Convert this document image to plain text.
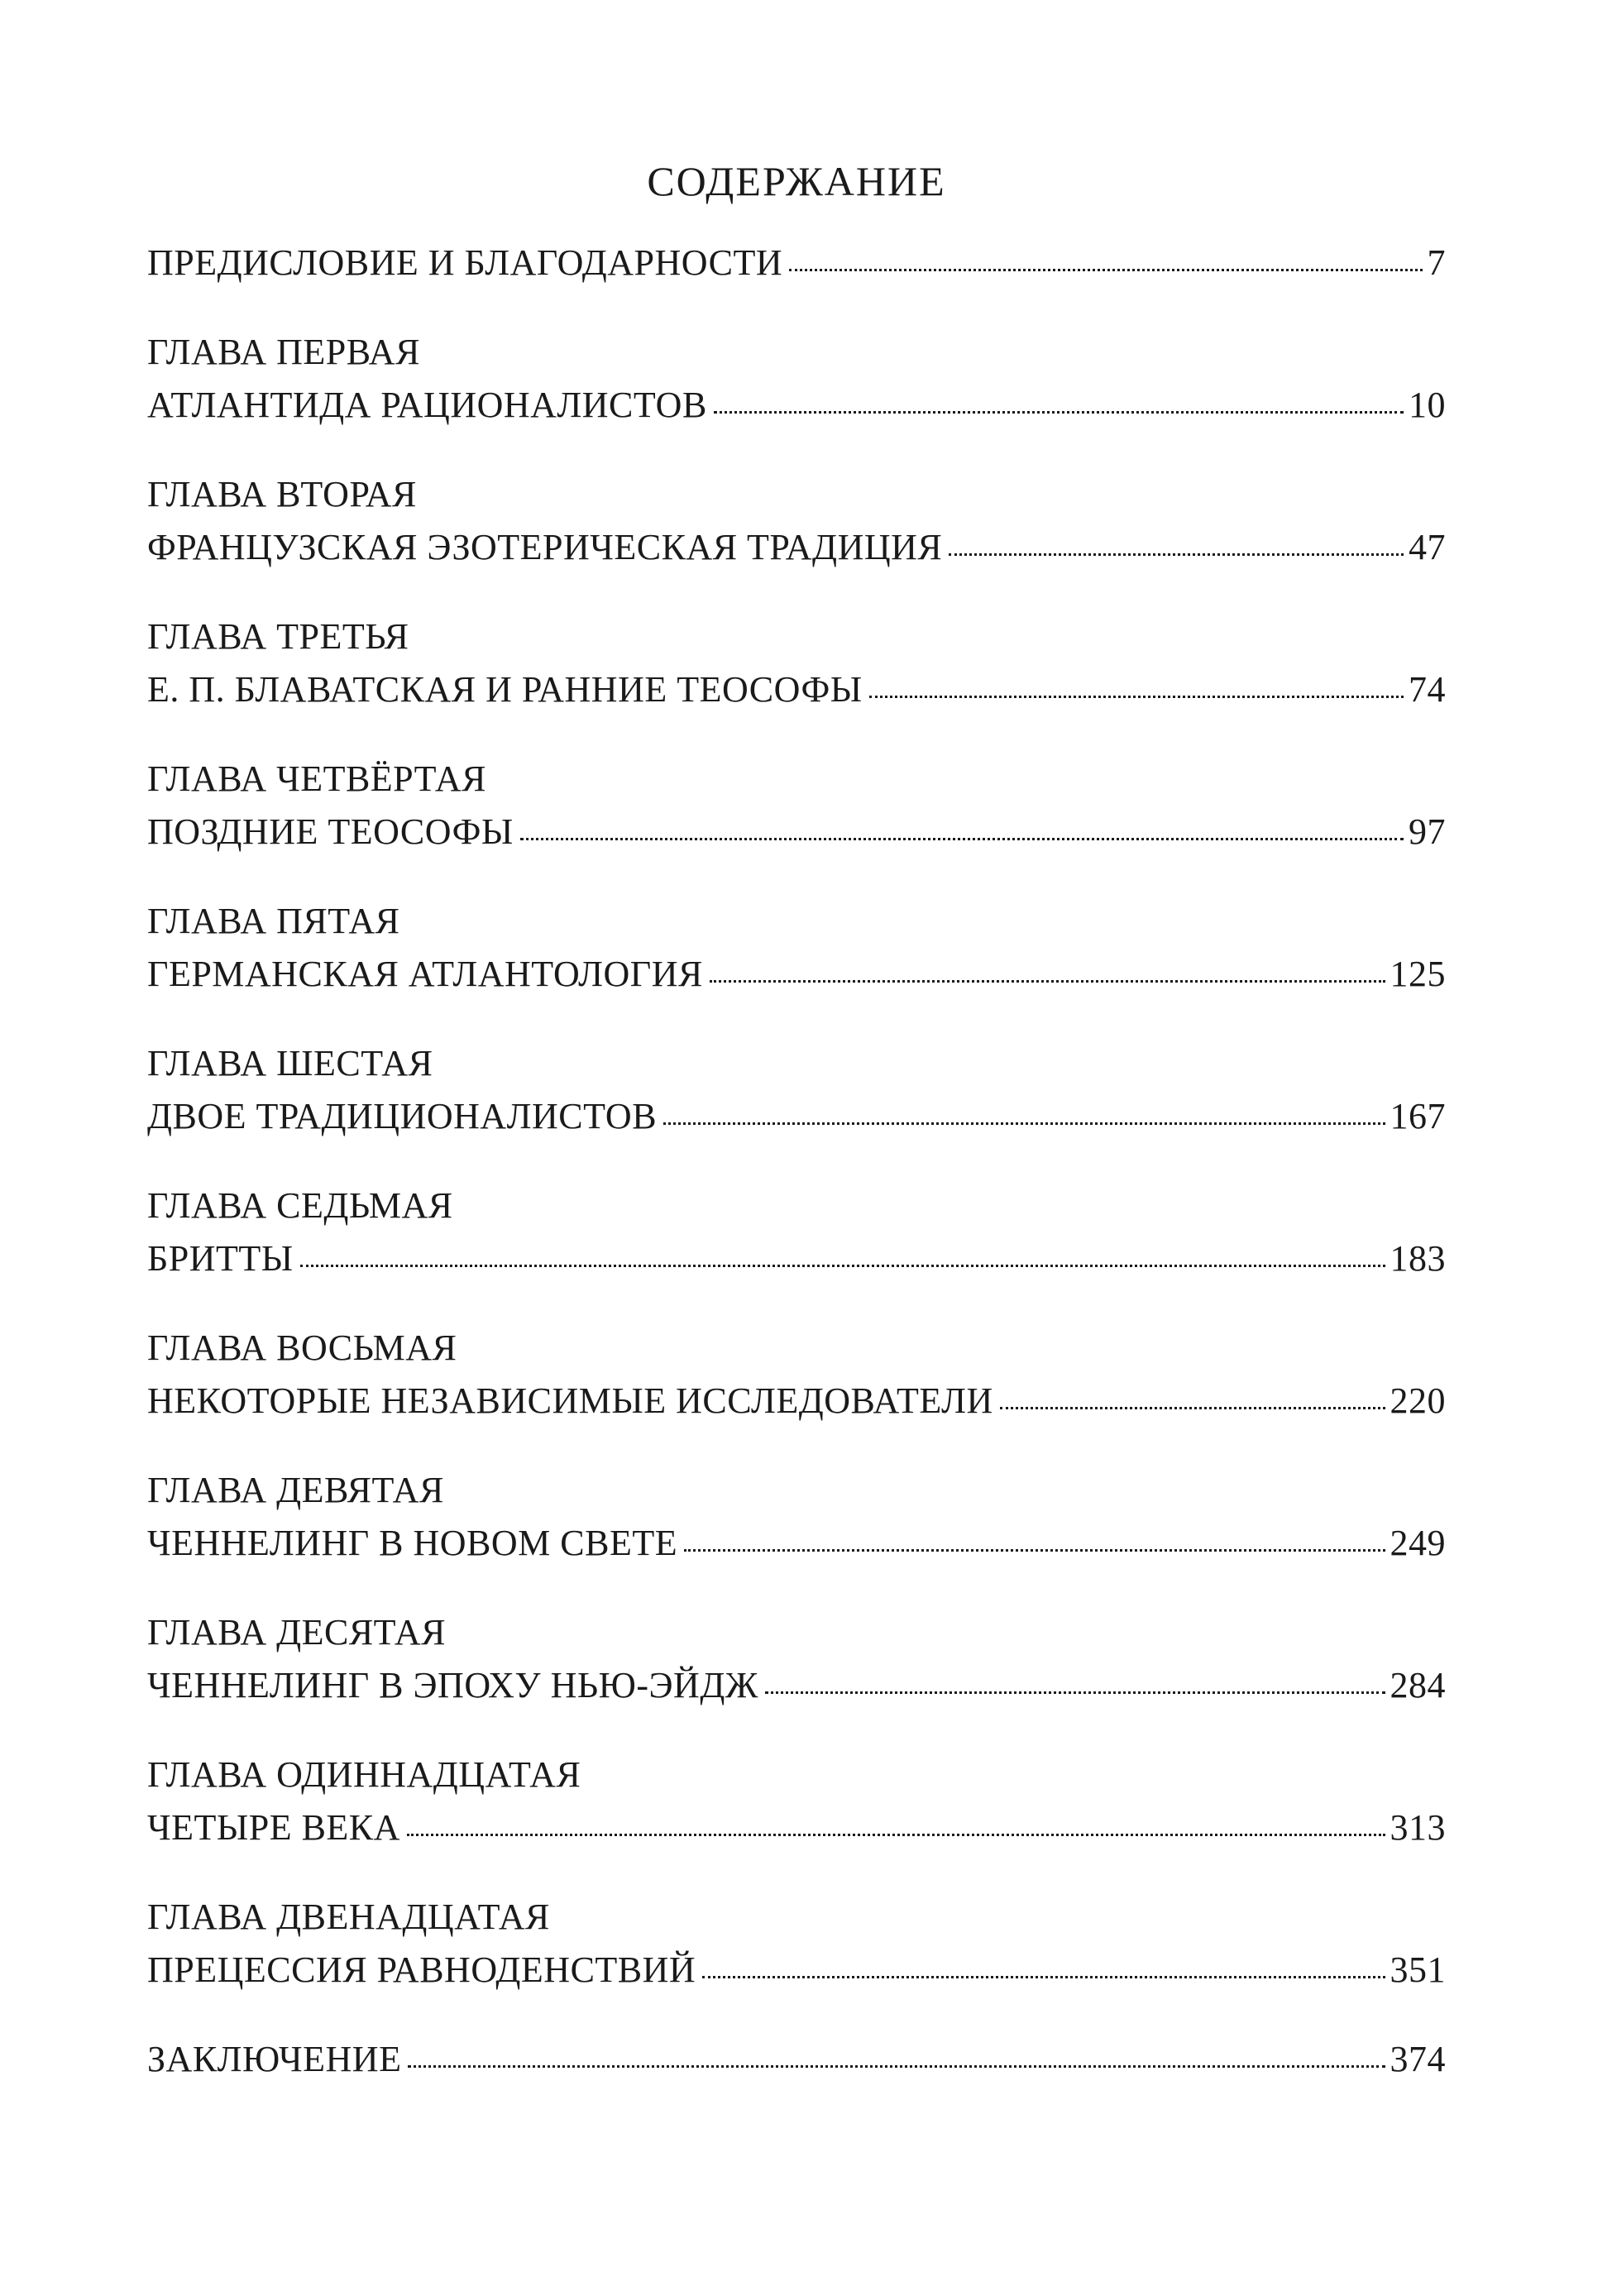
СОДЕРЖАНИЕ
ПРЕДИСЛОВИЕ И БЛАГОДАРНОСТИ	7
ГЛАВА ПЕРВАЯ
АТЛАНТИДА РАЦИОНАЛИСТОВ	10
ГЛАВА ВТОРАЯ
ФРАНЦУЗСКАЯ ЭЗОТЕРИЧЕСКАЯ ТРАДИЦИЯ	47
ГЛАВА ТРЕТЬЯ
Е. П. БЛАВАТСКАЯ И РАННИЕ ТЕОСОФЫ	74
ГЛАВА ЧЕТВЁРТАЯ
ПОЗДНИЕ ТЕОСОФЫ	97
ГЛАВА ПЯТАЯ
ГЕРМАНСКАЯ АТЛАНТОЛОГИЯ	125
ГЛАВА ШЕСТАЯ
ДВОЕ ТРАДИЦИОНАЛИСТОВ	167
ГЛАВА СЕДЬМАЯ
БРИТТЫ	183
ГЛАВА ВОСЬМАЯ
НЕКОТОРЫЕ НЕЗАВИСИМЫЕ ИССЛЕДОВАТЕЛИ	220
ГЛАВА ДЕВЯТАЯ
ЧЕННЕЛИНГ В НОВОМ СВЕТЕ	249
ГЛАВА ДЕСЯТАЯ
ЧЕННЕЛИНГ В ЭПОХУ НЬЮ-ЭЙДЖ	284
ГЛАВА ОДИННАДЦАТАЯ
ЧЕТЫРЕ ВЕКА	313
ГЛАВА ДВЕНАДЦАТАЯ
ПРЕЦЕССИЯ РАВНОДЕНСТВИЙ	351
ЗАКЛЮЧЕНИЕ	374
